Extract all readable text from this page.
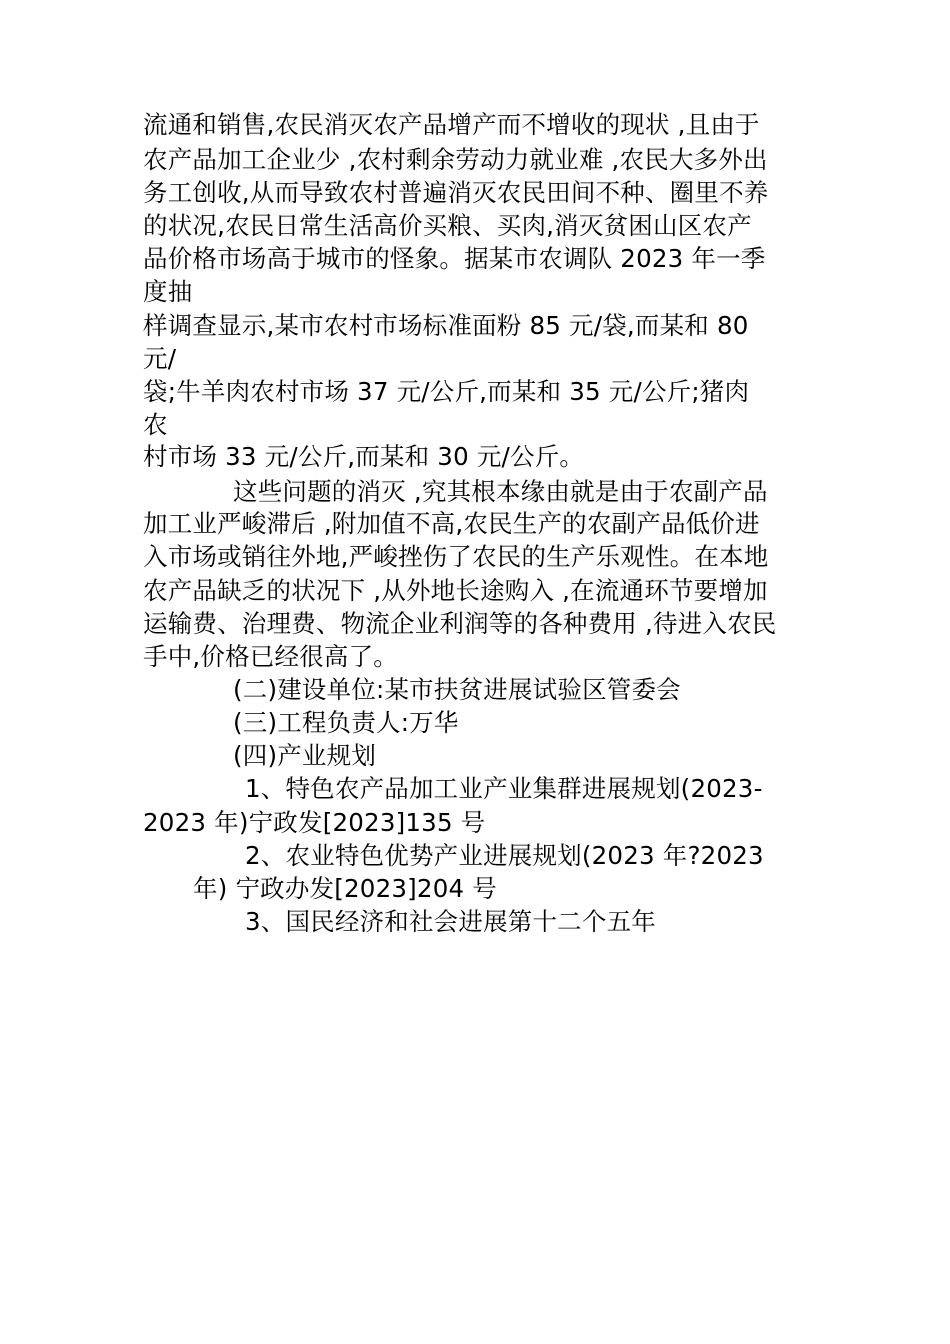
流通和销售,农民消灭农产品增产而不增收的现状 ,且由于
农产品加工企业少 ,农村剩余劳动力就业难 ,农民大多外出
务工创收,从而导致农村普遍消灭农民田间不种、圈里不养
的状况,农民日常生活高价买粮、买肉,消灭贫困山区农产
品价格市场高于城市的怪象。据某市农调队 2023 年一季
度抽
样调查显示,某市农村市场标准面粉 85 元/袋,而某和 80
元/
袋;牛羊肉农村市场 37 元/公斤,而某和 35 元/公斤;猪肉
农
村市场 33 元/公斤,而某和 30 元/公斤。
这些问题的消灭 ,究其根本缘由就是由于农副产品
加工业严峻滞后 ,附加值不高,农民生产的农副产品低价进
入市场或销往外地,严峻挫伤了农民的生产乐观性。在本地
农产品缺乏的状况下 ,从外地长途购入 ,在流通环节要增加
运输费、治理费、物流企业利润等的各种费用 ,待进入农民
手中,价格已经很高了。
(二)建设单位:某市扶贫进展试验区管委会
(三)工程负责人:万华
(四)产业规划
1、特色农产品加工业产业集群进展规划(2023-
2023 年)宁政发[2023]135 号
2、农业特色优势产业进展规划(2023 年?2023
年) 宁政办发[2023]204 号
3、国民经济和社会进展第十二个五年
